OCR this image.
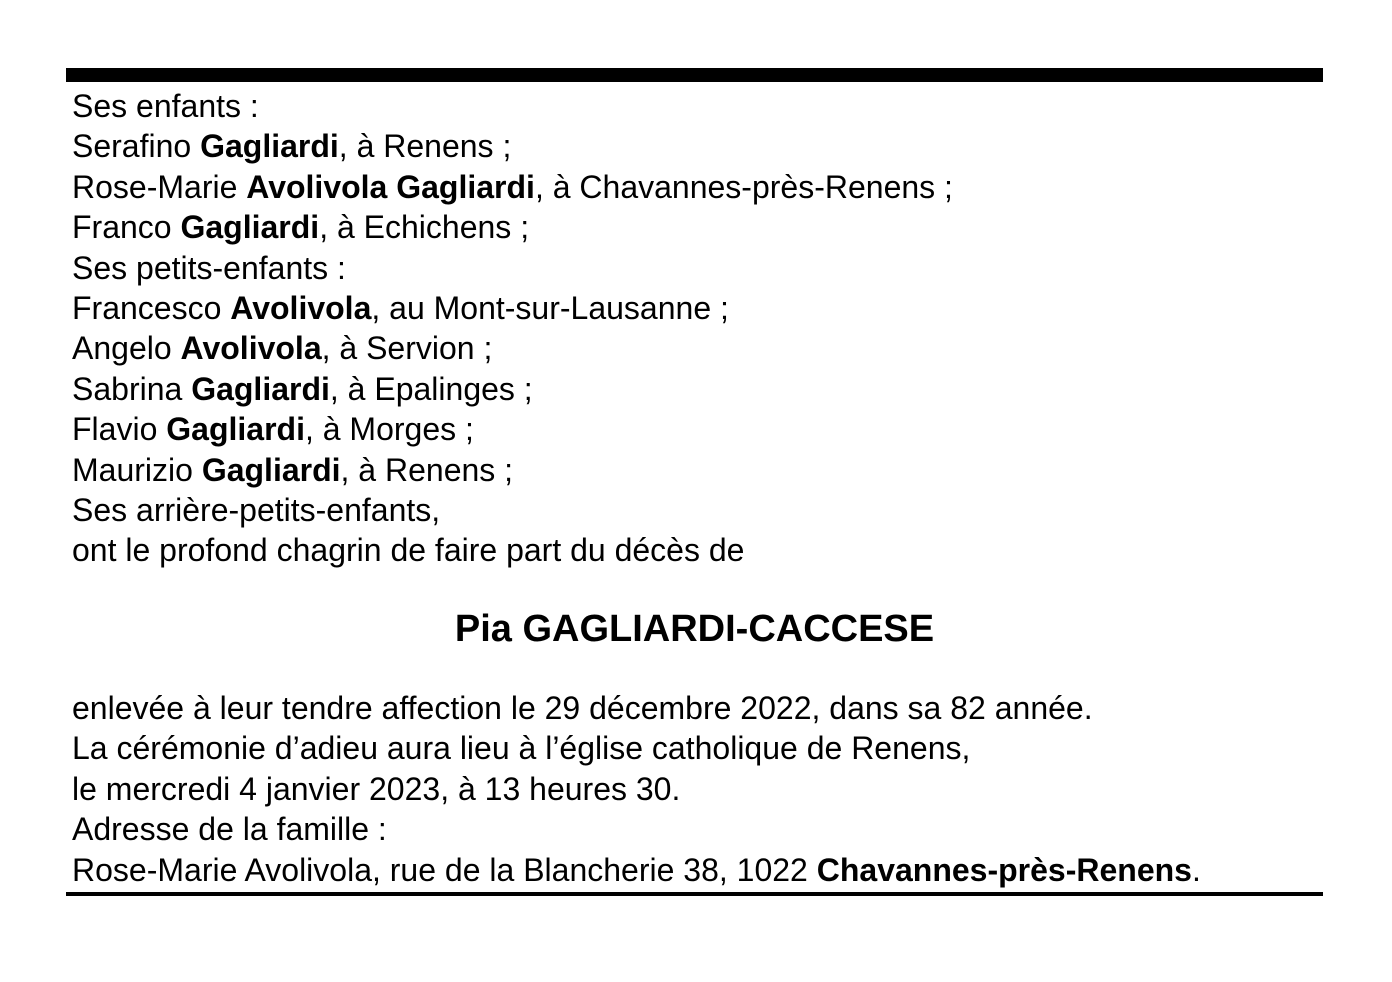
Ses enfants :
Serafino Gagliardi, à Renens ;
Rose-Marie Avolivola Gagliardi, à Chavannes-près-Renens ;
Franco Gagliardi, à Echichens ;
Ses petits-enfants :
Francesco Avolivola, au Mont-sur-Lausanne ;
Angelo Avolivola, à Servion ;
Sabrina Gagliardi, à Epalinges ;
Flavio Gagliardi, à Morges ;
Maurizio Gagliardi, à Renens ;
Ses arrière-petits-enfants,
ont le profond chagrin de faire part du décès de
Pia GAGLIARDI-CACCESE
enlevée à leur tendre affection le 29 décembre 2022, dans sa 82 année.
La cérémonie d’adieu aura lieu à l’église catholique de Renens,
le mercredi 4 janvier 2023, à 13 heures 30.
Adresse de la famille :
Rose-Marie Avolivola, rue de la Blancherie 38, 1022 Chavannes-près-Renens.
